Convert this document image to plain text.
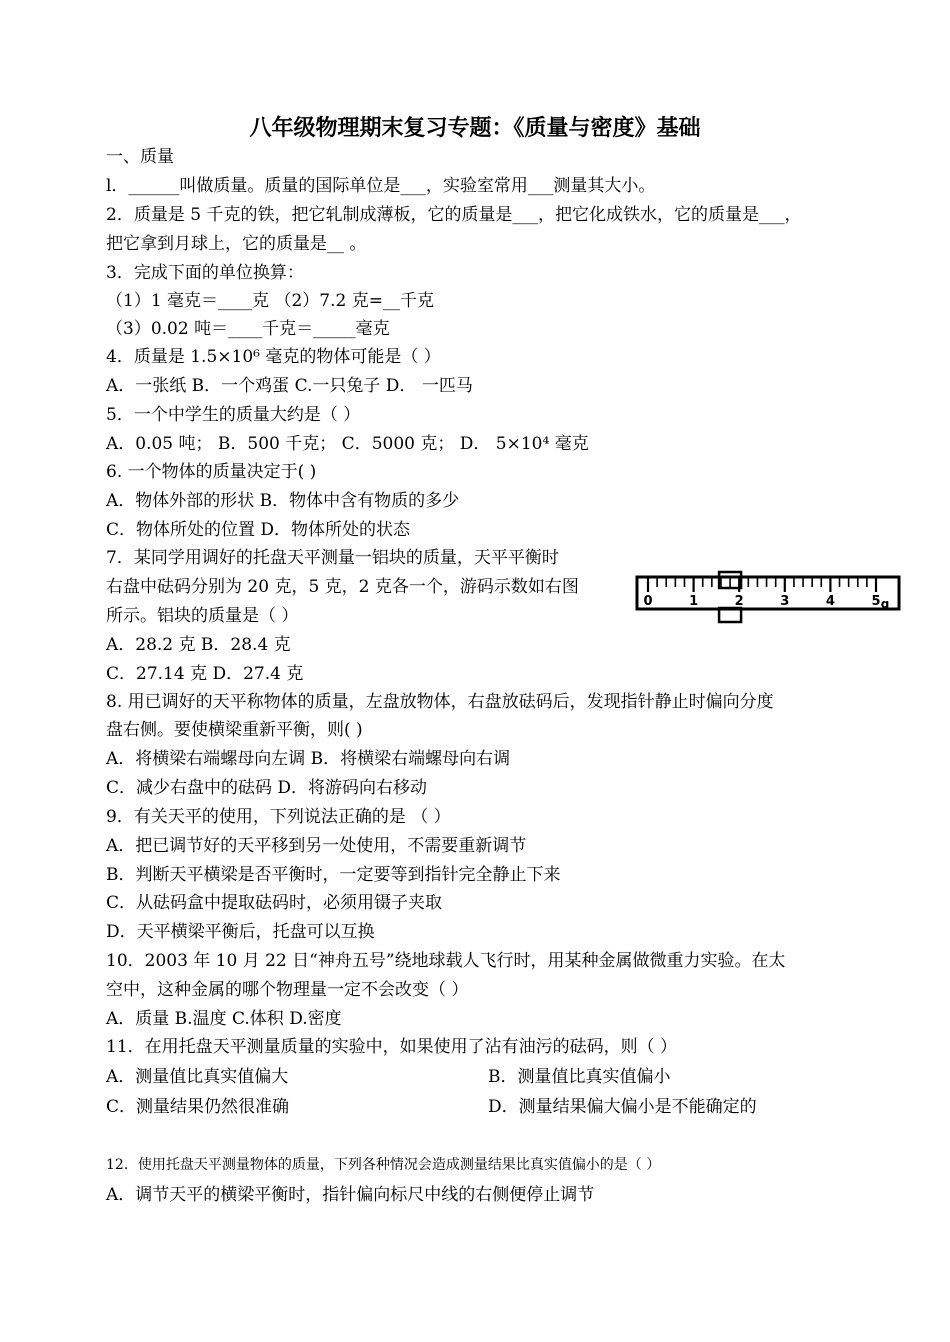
八年级物理期末复习专题：《质量与密度》基础
一、质量
l．______叫做质量。质量的国际单位是___，实验室常用___测量其大小。
2．质量是 5 千克的铁，把它轧制成薄板，它的质量是___，把它化成铁水，它的质量是___，
把它拿到月球上，它的质量是__ 。
3．完成下面的单位换算：
（1）1 毫克＝____克 （2）7.2 克=__千克
（3）0.02 吨＝____千克＝_____毫克
4．质量是 1.5×10⁶ 毫克的物体可能是（ ）
A．一张纸 B．一个鸡蛋 C.一只兔子 D． 一匹马
5．一个中学生的质量大约是（ ）
A．0.05 吨； B．500 千克； C．5000 克； D． 5×10⁴ 毫克
6. 一个物体的质量决定于( )
A．物体外部的形状 B．物体中含有物质的多少
C．物体所处的位置 D．物体所处的状态
7．某同学用调好的托盘天平测量一铝块的质量，天平平衡时
右盘中砝码分别为 20 克，5 克，2 克各一个，游码示数如右图
所示。铝块的质量是（ ）
A．28.2 克 B．28.4 克
C．27.14 克 D．27.4 克
8. 用已调好的天平称物体的质量，左盘放物体，右盘放砝码后，发现指针静止时偏向分度
盘右侧。要使横梁重新平衡，则( )
A．将横梁右端螺母向左调 B．将横梁右端螺母向右调
C．减少右盘中的砝码 D．将游码向右移动
9．有关天平的使用，下列说法正确的是 （ ）
A．把已调节好的天平移到另一处使用，不需要重新调节
B．判断天平横梁是否平衡时，一定要等到指针完全静止下来
C．从砝码盒中提取砝码时，必须用镊子夹取
D．天平横梁平衡后，托盘可以互换
10．2003 年 10 月 22 日“神舟五号”绕地球载人飞行时，用某种金属做微重力实验。在太
空中，这种金属的哪个物理量一定不会改变（ ）
A．质量 B.温度 C.体积 D.密度
11．在用托盘天平测量质量的实验中，如果使用了沾有油污的砝码，则（ ）
A．测量值比真实值偏大	B．测量值比真实值偏小
C．测量结果仍然很准确	D．测量结果偏大偏小是不能确定的
12．使用托盘天平测量物体的质量，下列各种情况会造成测量结果比真实值偏小的是（ ）
A．调节天平的横梁平衡时，指针偏向标尺中线的右侧便停止调节
0	1	2	3	4	5 g
